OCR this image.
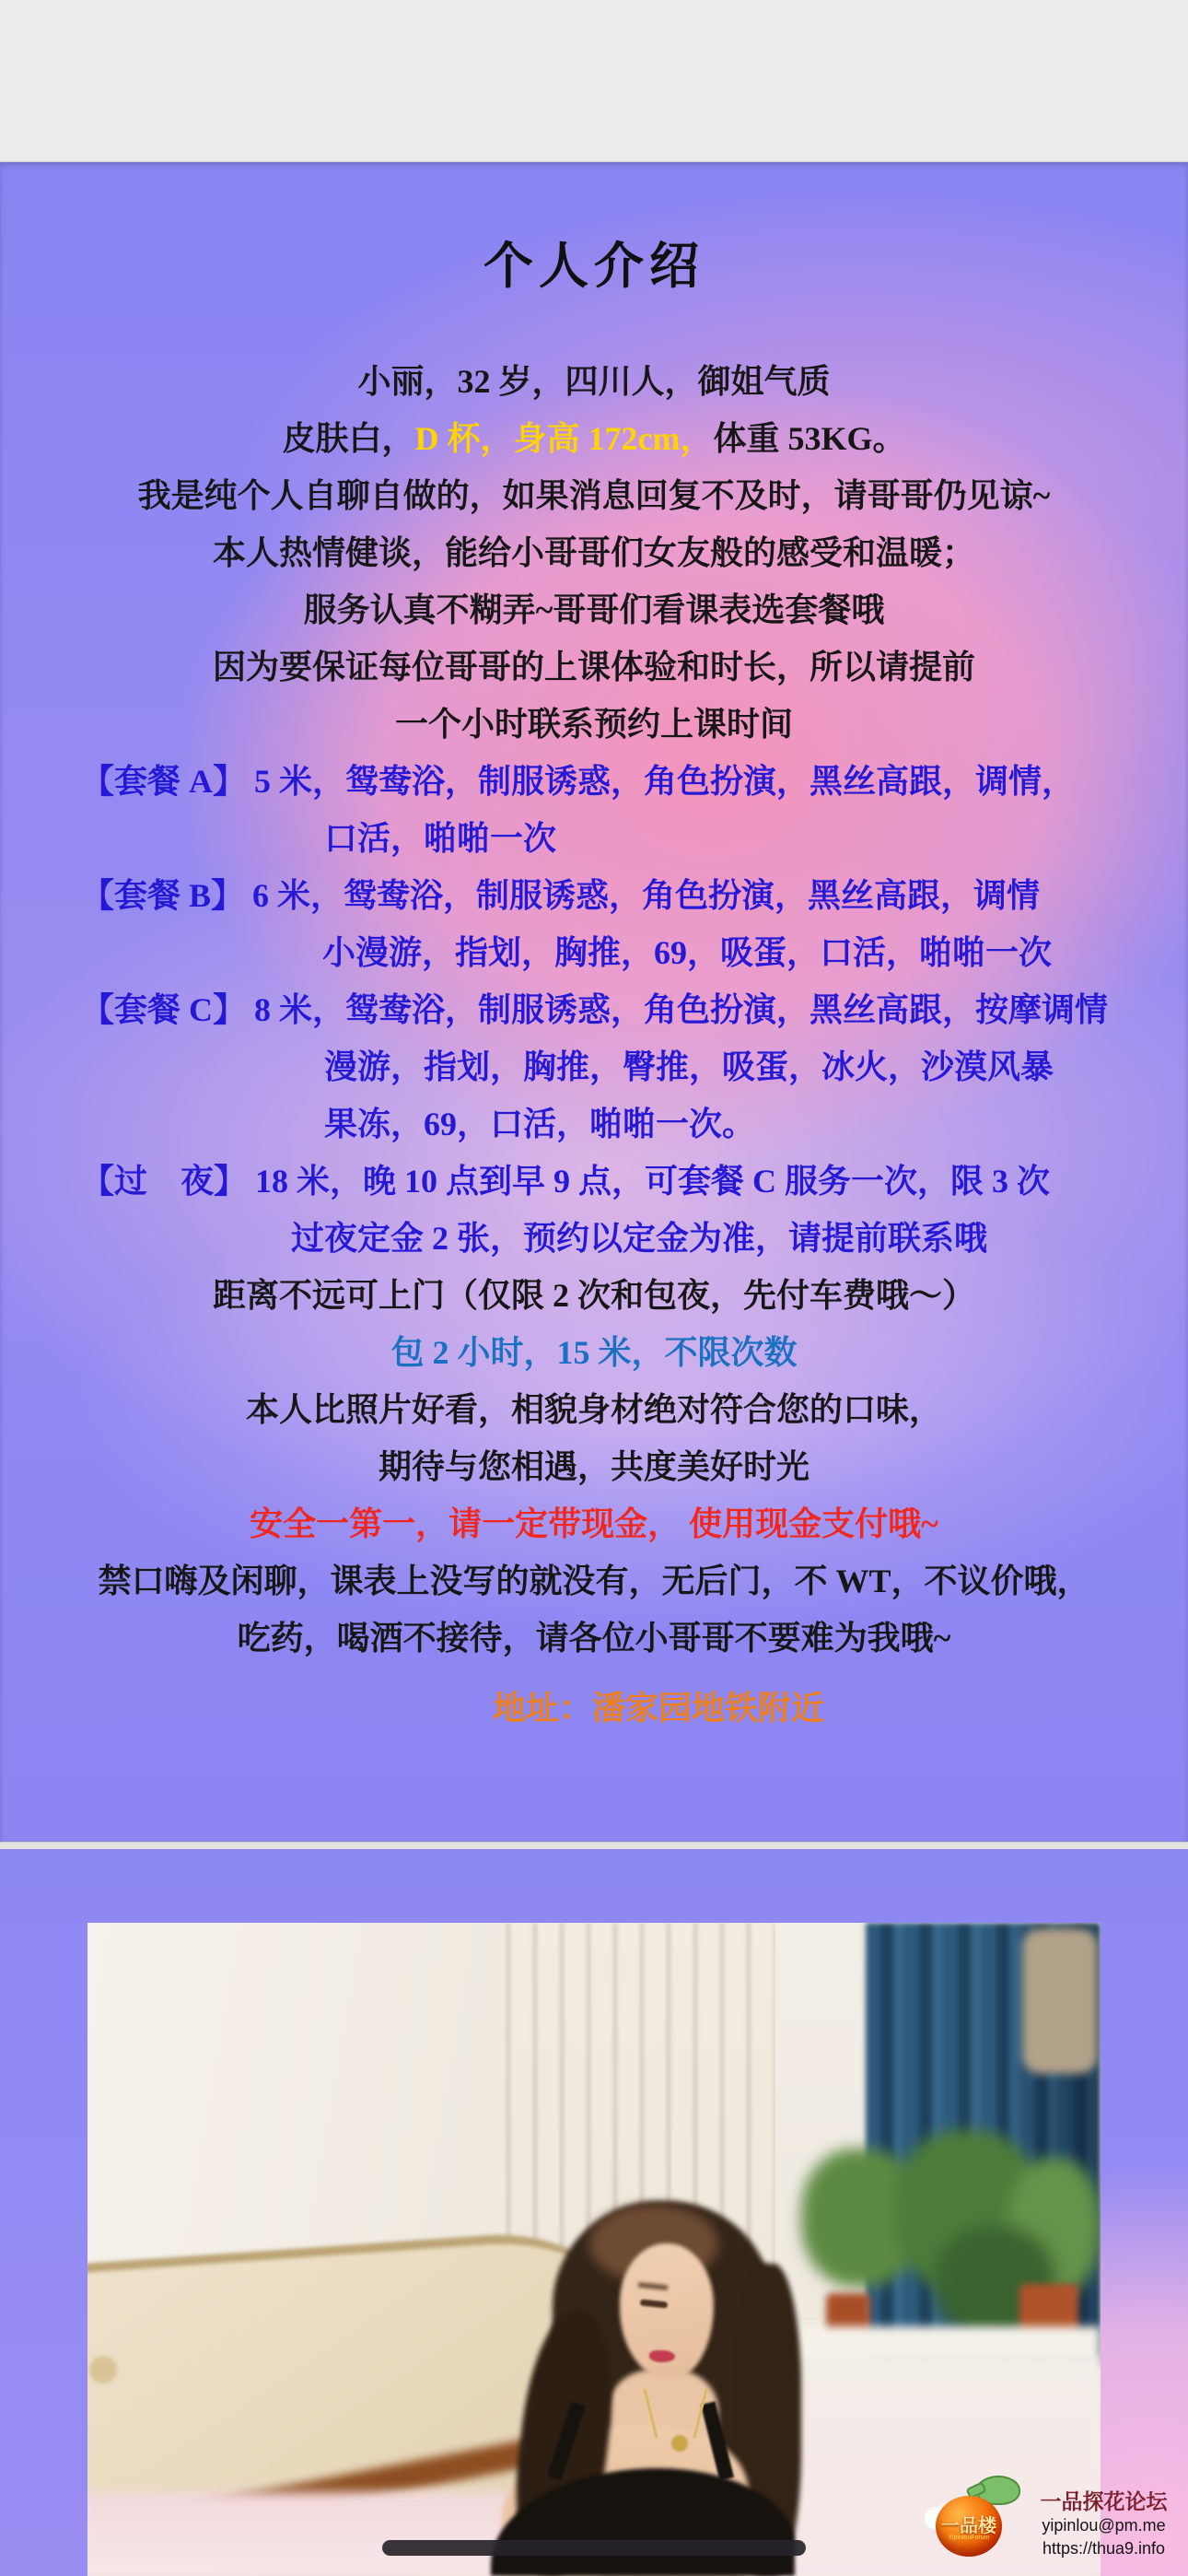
个人介绍
小丽，32 岁，四川人，御姐气质
皮肤白，D 杯，身高 172cm，体重 53KG。
我是纯个人自聊自做的，如果消息回复不及时，请哥哥仍见谅~
本人热情健谈，能给小哥哥们女友般的感受和温暖；
服务认真不糊弄~哥哥们看课表选套餐哦
因为要保证每位哥哥的上课体验和时长，所以请提前
一个小时联系预约上课时间
【套餐 A】 5 米，鸳鸯浴，制服诱惑，角色扮演，黑丝高跟，调情，
口活，啪啪一次
【套餐 B】 6 米，鸳鸯浴，制服诱惑，角色扮演，黑丝高跟，调情
小漫游，指划，胸推，69，吸蛋，口活，啪啪一次
【套餐 C】 8 米，鸳鸯浴，制服诱惑，角色扮演，黑丝高跟，按摩调情
漫游，指划，胸推，臀推，吸蛋，冰火，沙漠风暴
果冻，69，口活，啪啪一次。
【过　夜】 18 米，晚 10 点到早 9 点，可套餐 C 服务一次，限 3 次
过夜定金 2 张，预约以定金为准，请提前联系哦
距离不远可上门（仅限 2 次和包夜，先付车费哦～）
包 2 小时，15 米，不限次数
本人比照片好看，相貌身材绝对符合您的口味，
期待与您相遇，共度美好时光
安全一第一，请一定带现金， 使用现金支付哦~
禁口嗨及闲聊，课表上没写的就没有，无后门，不 WT，不议价哦，
吃药，喝酒不接待，请各位小哥哥不要难为我哦~
地址：潘家园地铁附近
一品楼
YipinlouForum
一品探花论坛
yipinlou@pm.me
https://thua9.info
